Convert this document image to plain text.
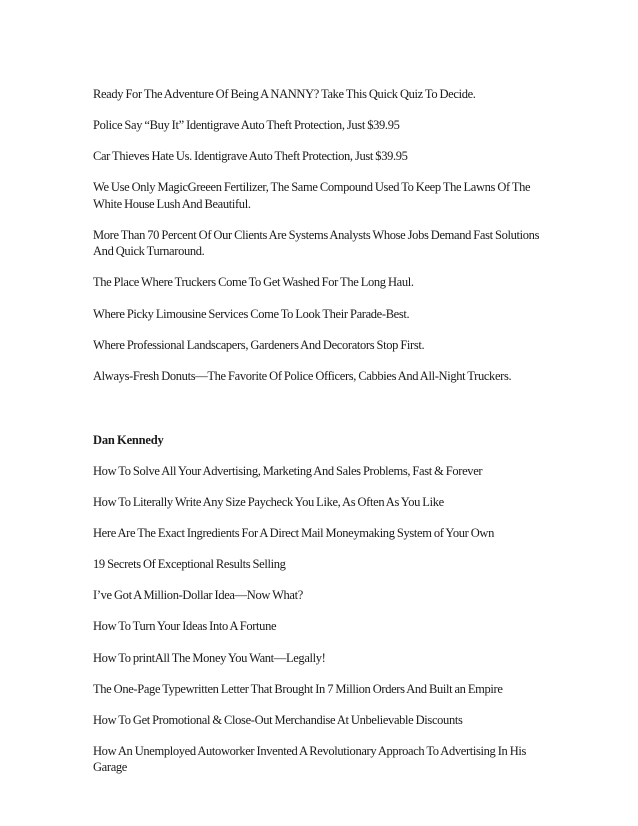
Ready For The Adventure Of Being A NANNY? Take This Quick Quiz To Decide.

Police Say “Buy It” Identigrave Auto Theft Protection, Just $39.95

Car Thieves Hate Us. Identigrave Auto Theft Protection, Just $39.95

We Use Only MagicGreeen Fertilizer, The Same Compound Used To Keep The Lawns Of The White House Lush And Beautiful.

More Than 70 Percent Of Our Clients Are Systems Analysts Whose Jobs Demand Fast Solutions And Quick Turnaround.

The Place Where Truckers Come To Get Washed For The Long Haul.

Where Picky Limousine Services Come To Look Their Parade-Best.

Where Professional Landscapers, Gardeners And Decorators Stop First.

Always-Fresh Donuts—The Favorite Of Police Officers, Cabbies And All-Night Truckers.

Dan Kennedy

How To Solve All Your Advertising, Marketing And Sales Problems, Fast & Forever

How To Literally Write Any Size Paycheck You Like, As Often As You Like

Here Are The Exact Ingredients For A Direct Mail Moneymaking System of Your Own

19 Secrets Of Exceptional Results Selling

I’ve Got A Million-Dollar Idea—Now What?

How To Turn Your Ideas Into A Fortune

How To printAll The Money You Want—Legally!

The One-Page Typewritten Letter That Brought In 7 Million Orders And Built an Empire

How To Get Promotional & Close-Out Merchandise At Unbelievable Discounts

How An Unemployed Autoworker Invented A Revolutionary Approach To Advertising In His Garage
